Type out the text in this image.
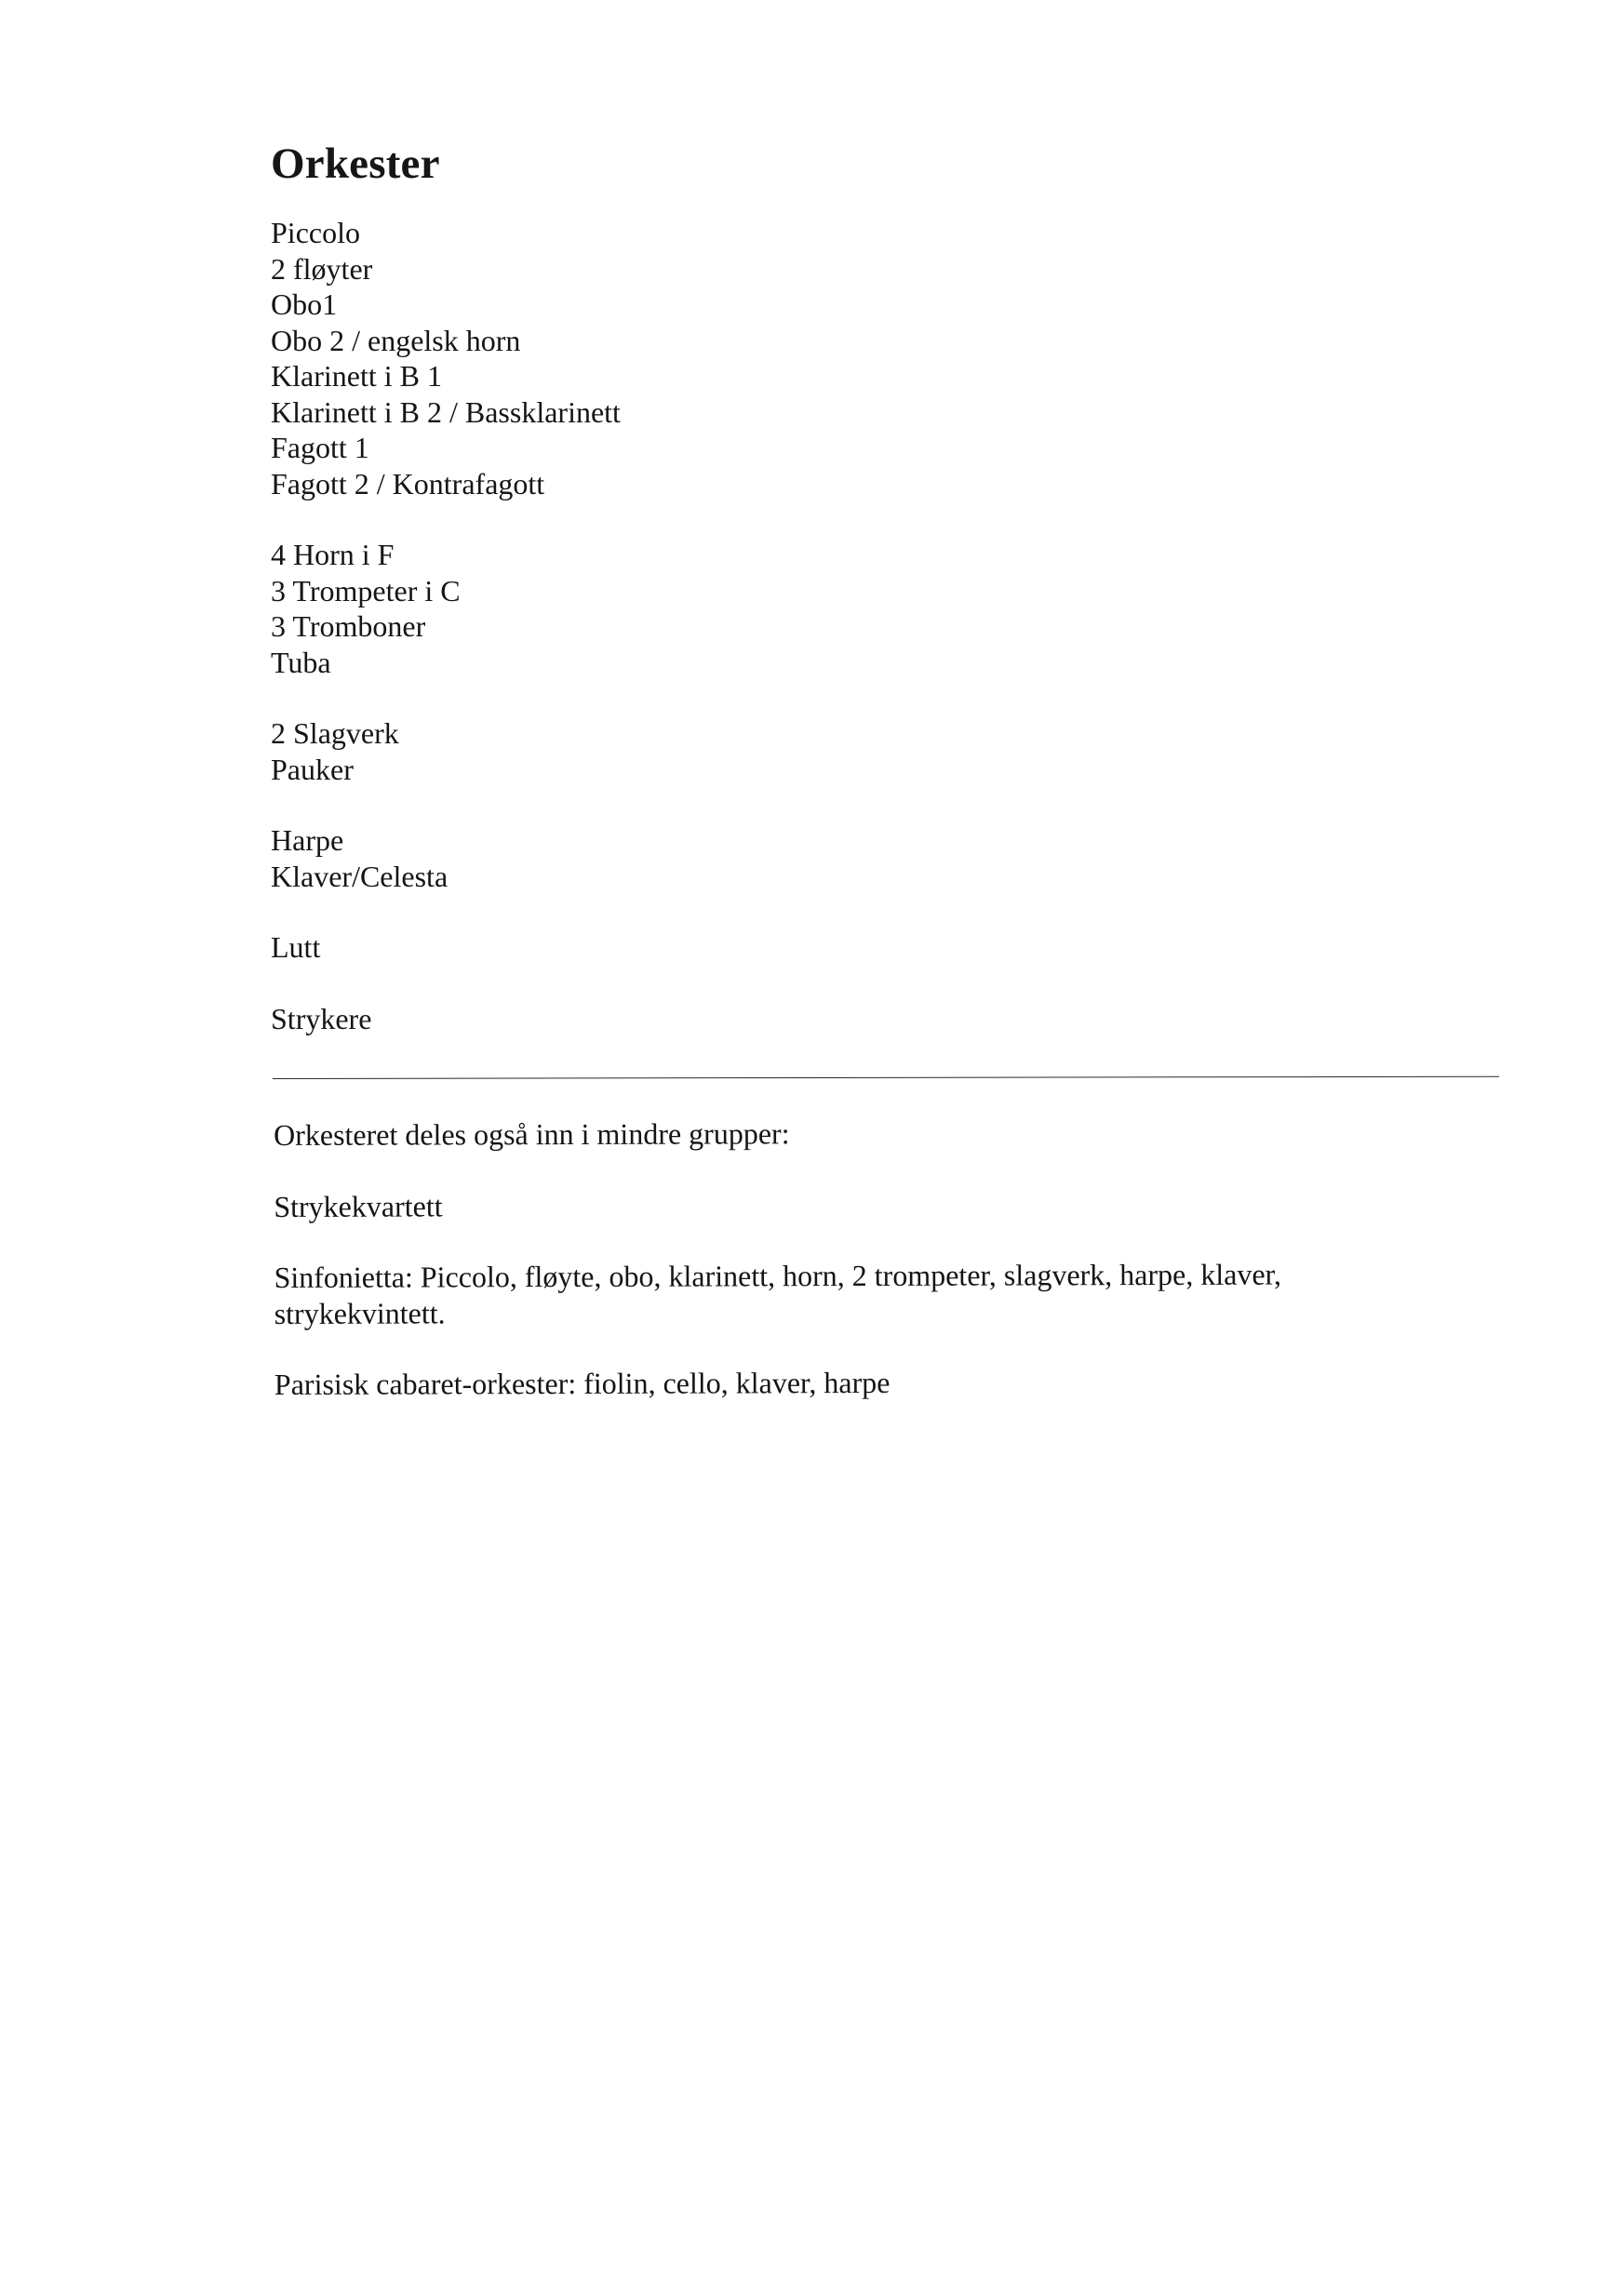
Orkester
Piccolo
2 fløyter
Obo1
Obo 2 / engelsk horn
Klarinett i B 1
Klarinett i B 2 / Bassklarinett
Fagott 1
Fagott 2 / Kontrafagott
4 Horn i F
3 Trompeter i C
3 Tromboner
Tuba
2 Slagverk
Pauker
Harpe
Klaver/Celesta
Lutt
Strykere

Orkesteret deles også inn i mindre grupper:

Strykekvartett

Sinfonietta: Piccolo, fløyte, obo, klarinett, horn, 2 trompeter, slagverk, harpe, klaver, strykekvintett.

Parisisk cabaret-orkester: fiolin, cello, klaver, harpe
